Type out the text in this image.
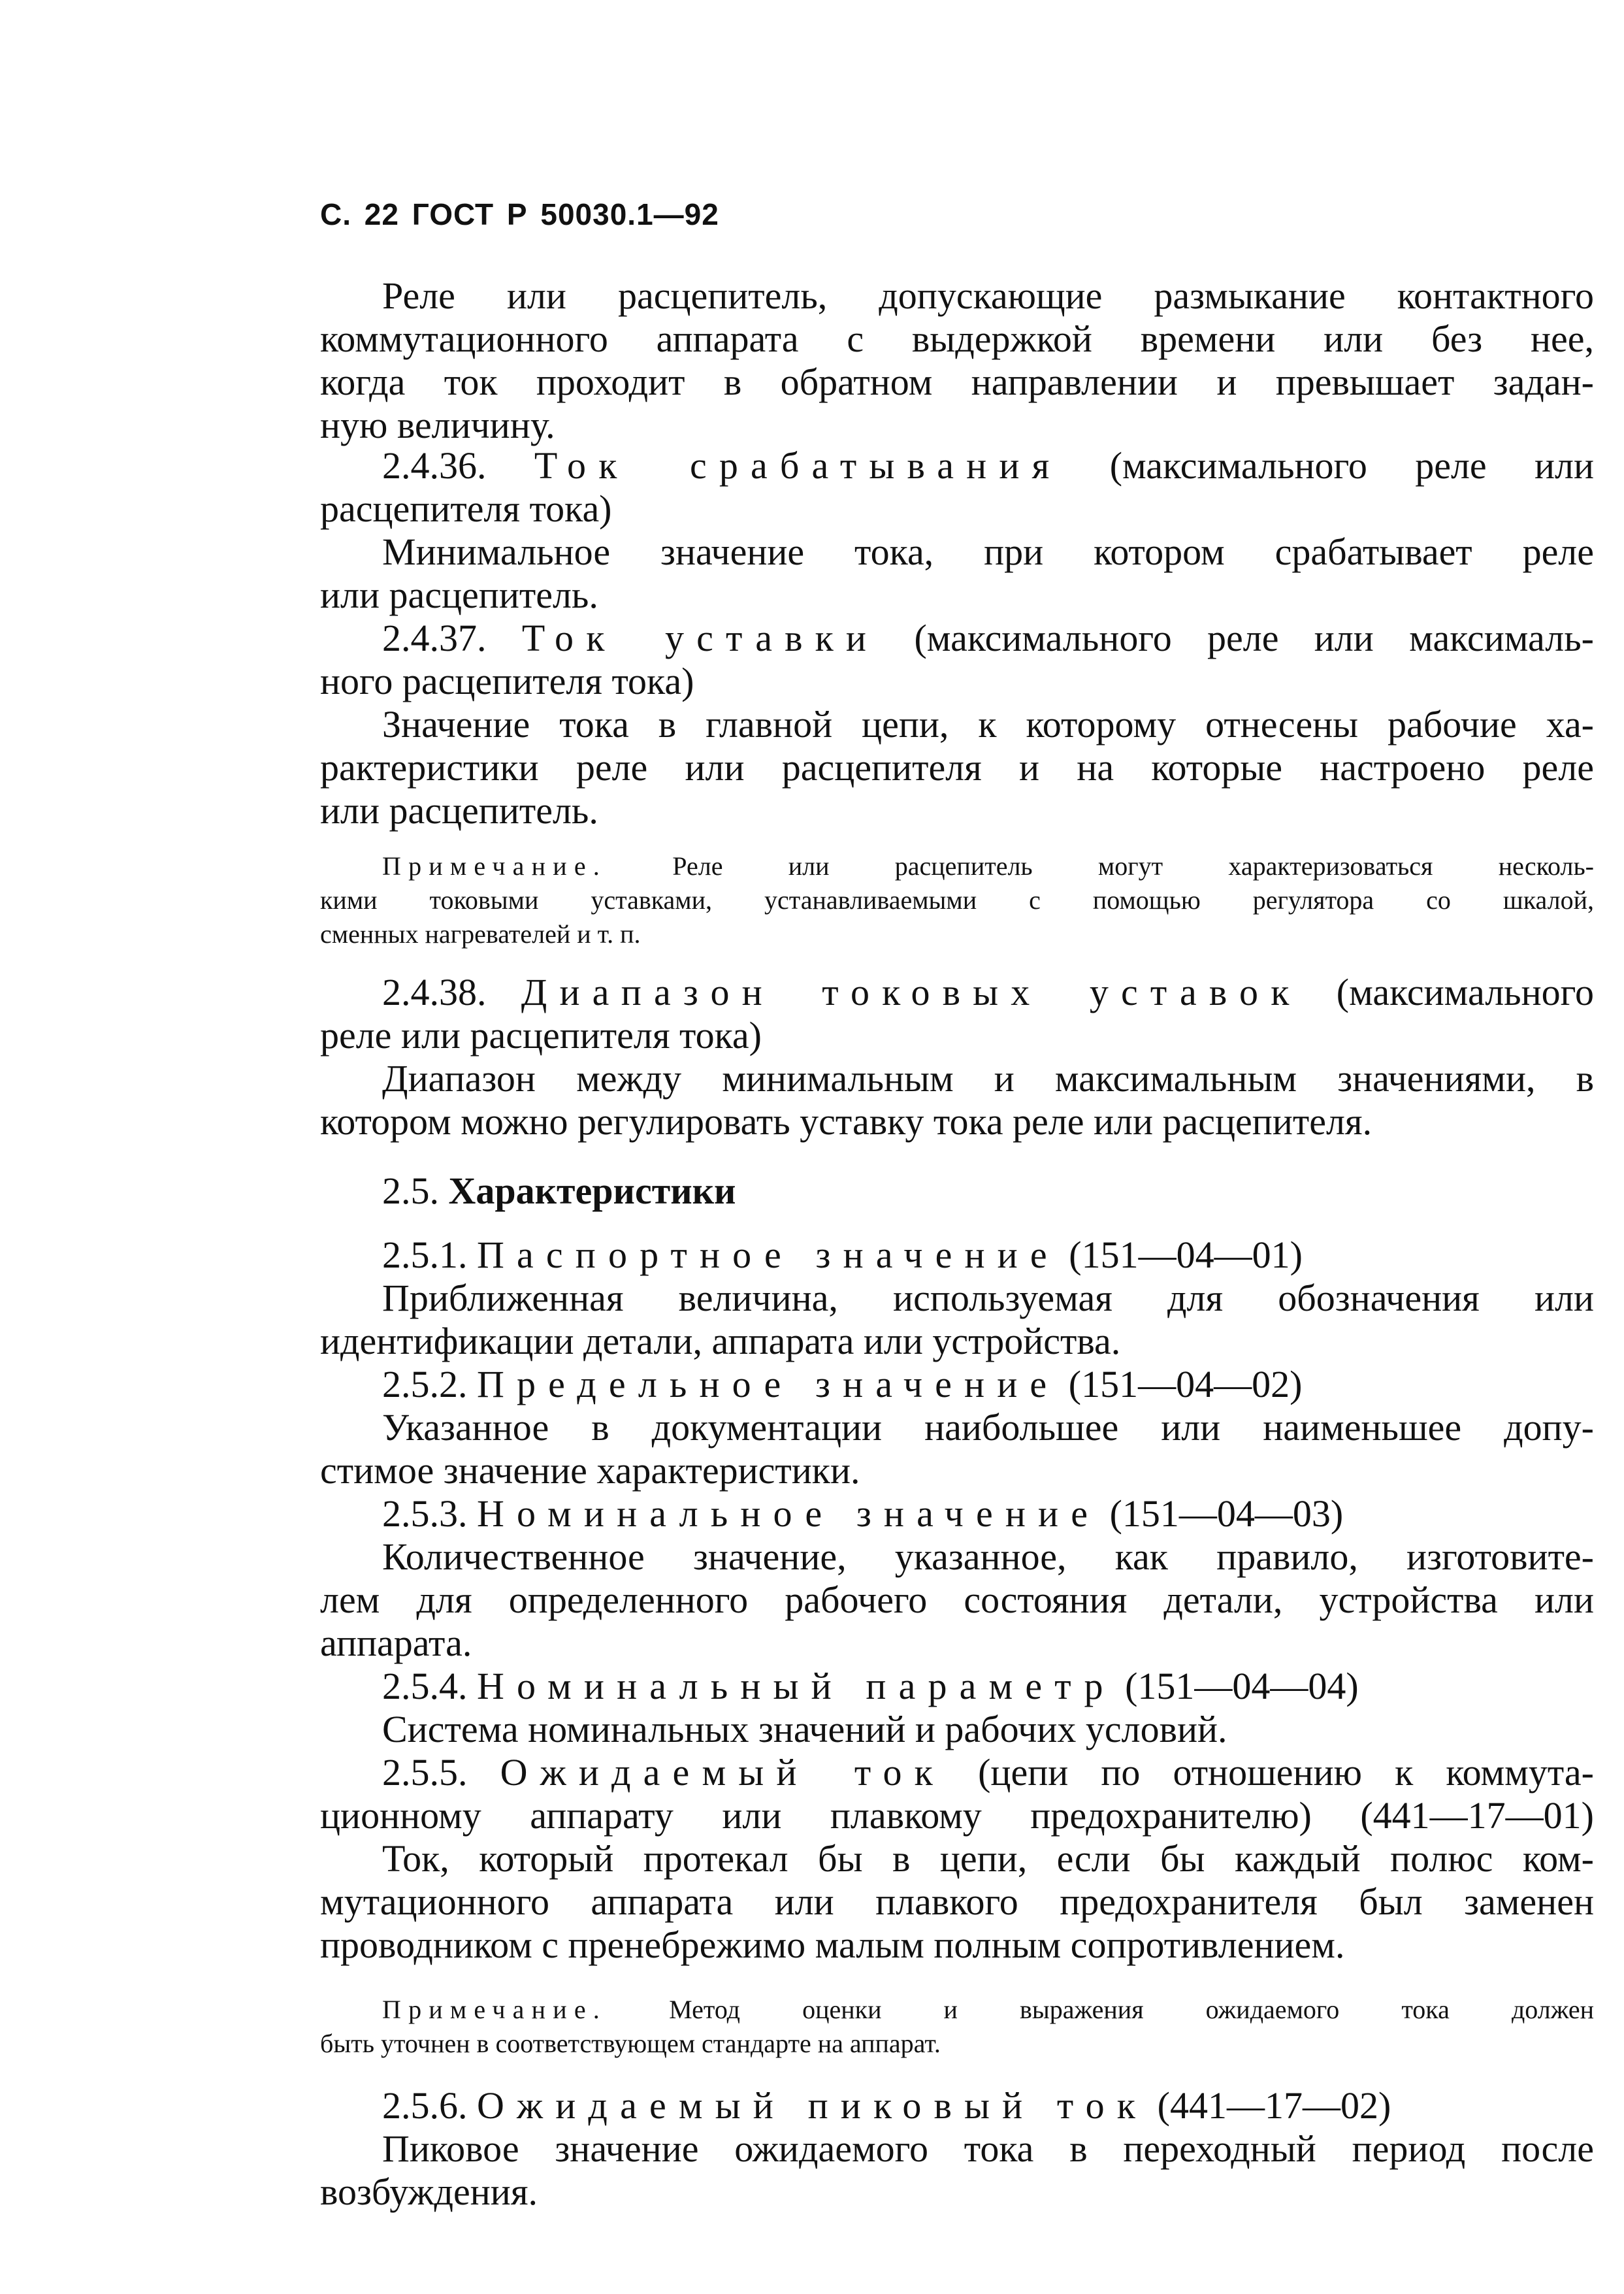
С. 22 ГОСТ Р 50030.1—92
Реле или расцепитель, допускающие размыкание контактного
коммутационного аппарата с выдержкой времени или без нее,
когда ток проходит в обратном направлении и превышает задан-
ную величину.
2.4.36. Ток срабатывания (максимального реле или
расцепителя тока)
Минимальное значение тока, при котором срабатывает реле
или расцепитель.
2.4.37. Ток уставки (максимального реле или максималь-
ного расцепителя тока)
Значение тока в главной цепи, к которому отнесены рабочие ха-
рактеристики реле или расцепителя и на которые настроено реле
или расцепитель.
Примечание.	Реле или расцепитель могут характеризоваться несколь-
кими токовыми уставками, устанавливаемыми с помощью регулятора со шкалой,
сменных нагревателей и т. п.
2.4.38. Диапазон токовых уставок (максимального
реле или расцепителя тока)
Диапазон между минимальным и максимальным значениями, в
котором можно регулировать уставку тока реле или расцепителя.
2.5. Характеристики
2.5.1. Паспортное значение (151—04—01)
Приближенная величина, используемая для обозначения или
идентификации детали, аппарата или устройства.
2.5.2. Предельное значение (151—04—02)
Указанное в документации наибольшее или наименьшее допу-
стимое значение характеристики.
2.5.3. Номинальное значение (151—04—03)
Количественное значение, указанное, как правило, изготовите-
лем для определенного рабочего состояния детали, устройства или
аппарата.
2.5.4. Номинальный параметр (151—04—04)
Система номинальных значений и рабочих условий.
2.5.5. Ожидаемый ток (цепи по отношению к коммута-
ционному аппарату или плавкому предохранителю) (441—17—01)
Ток, который протекал бы в цепи, если бы каждый полюс ком-
мутационного аппарата или плавкого предохранителя был заменен
проводником с пренебрежимо малым полным сопротивлением.
Примечание. Метод оценки и выражения ожидаемого тока должен
быть уточнен в соответствующем стандарте на аппарат.
2.5.6. Ожидаемый пиковый ток (441—17—02)
Пиковое значение ожидаемого тока в переходный период после
возбуждения.
